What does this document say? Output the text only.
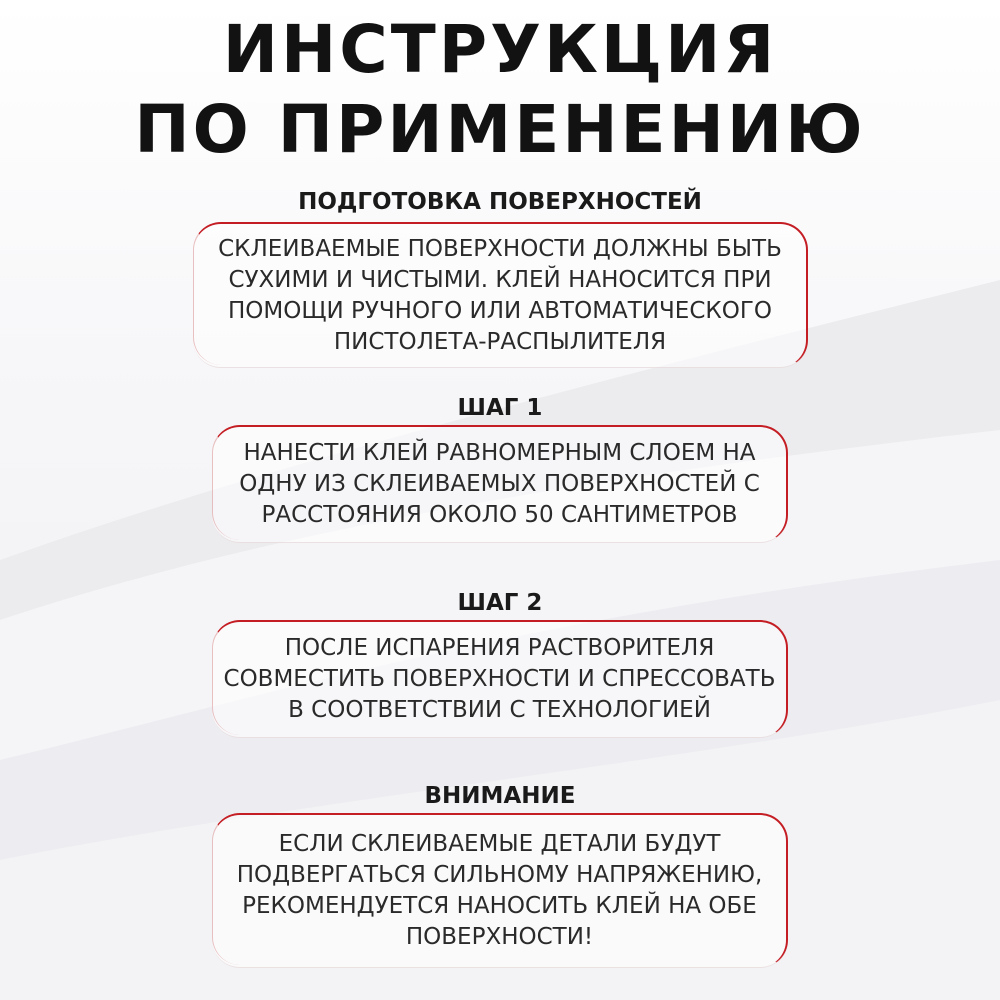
ИНСТРУКЦИЯ
ПО ПРИМЕНЕНИЮ
ПОДГОТОВКА ПОВЕРХНОСТЕЙ

СКЛЕИВАЕМЫЕ ПОВЕРХНОСТИ ДОЛЖНЫ БЫТЬ
СУХИМИ И ЧИСТЫМИ. КЛЕЙ НАНОСИТСЯ ПРИ
ПОМОЩИ РУЧНОГО ИЛИ АВТОМАТИЧЕСКОГО
ПИСТОЛЕТА-РАСПЫЛИТЕЛЯ

ШАГ 1

НАНЕСТИ КЛЕЙ РАВНОМЕРНЫМ СЛОЕМ НА
ОДНУ ИЗ СКЛЕИВАЕМЫХ ПОВЕРХНОСТЕЙ С
РАССТОЯНИЯ ОКОЛО 50 САНТИМЕТРОВ

ШАГ 2

ПОСЛЕ ИСПАРЕНИЯ РАСТВОРИТЕЛЯ
СОВМЕСТИТЬ ПОВЕРХНОСТИ И СПРЕССОВАТЬ
В СООТВЕТСТВИИ С ТЕХНОЛОГИЕЙ

ВНИМАНИЕ

ЕСЛИ СКЛЕИВАЕМЫЕ ДЕТАЛИ БУДУТ
ПОДВЕРГАТЬСЯ СИЛЬНОМУ НАПРЯЖЕНИЮ,
РЕКОМЕНДУЕТСЯ НАНОСИТЬ КЛЕЙ НА ОБЕ
ПОВЕРХНОСТИ!
